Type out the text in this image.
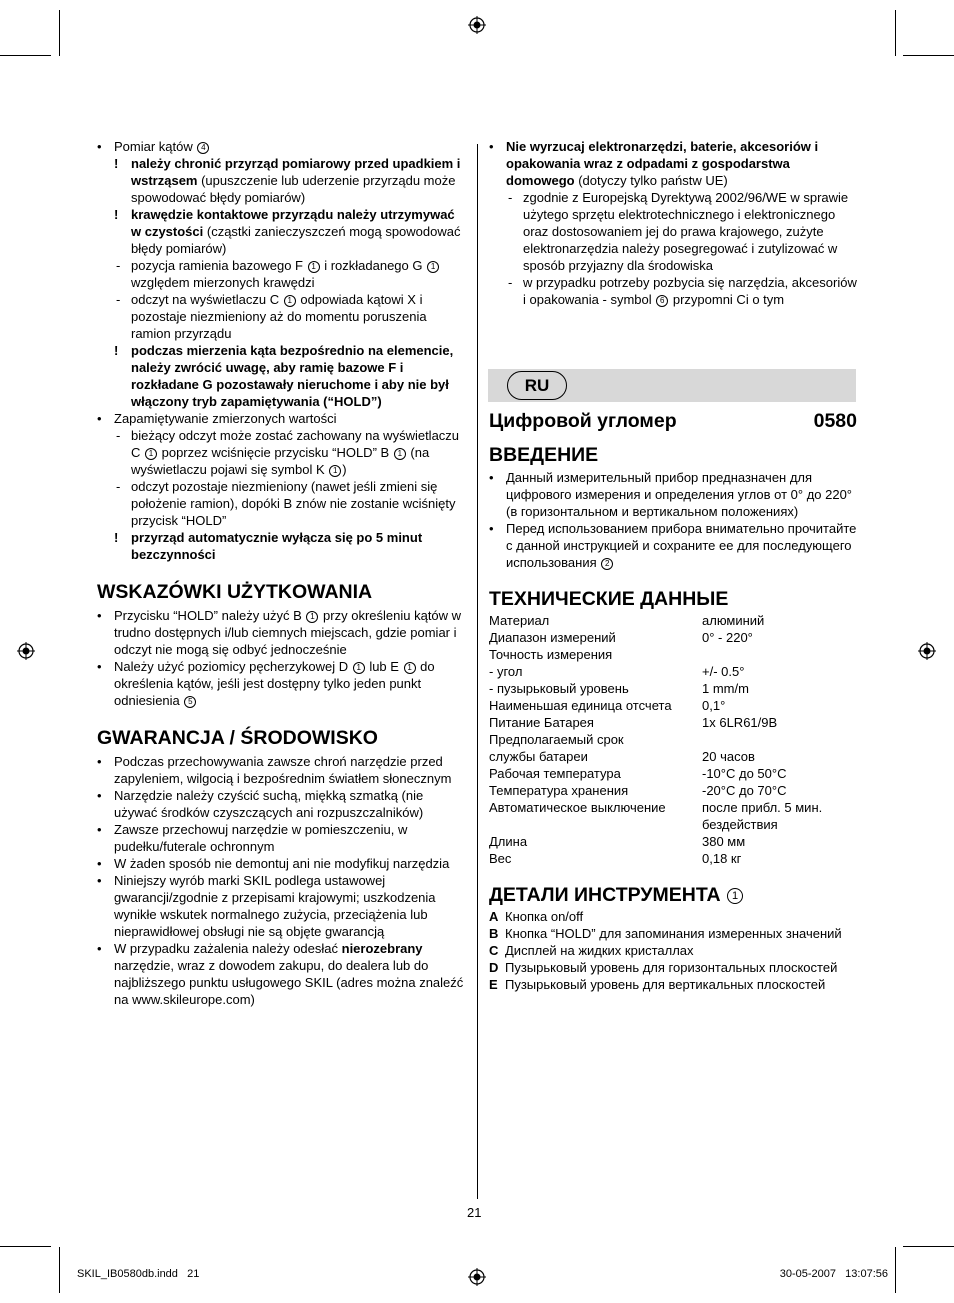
• Pomiar kątów 4
! należy chronić przyrząd pomiarowy przed upadkiem i wstrząsem (upuszczenie lub uderzenie przyrządu może spowodować błędy pomiarów)
! krawędzie kontaktowe przyrządu należy utrzymywać w czystości (cząstki zanieczyszczeń mogą spowodować błędy pomiarów)
- pozycja ramienia bazowego F 1 i rozkładanego G 1 względem mierzonych krawędzi
- odczyt na wyświetlaczu C 1 odpowiada kątowi X i pozostaje niezmieniony aż do momentu poruszenia ramion przyrządu
! podczas mierzenia kąta bezpośrednio na elemencie, należy zwrócić uwagę, aby ramię bazowe F i rozkładane G pozostawały nieruchome i aby nie był włączony tryb zapamiętywania (“HOLD”)
• Zapamiętywanie zmierzonych wartości
- bieżący odczyt może zostać zachowany na wyświetlaczu C 1 poprzez wciśnięcie przycisku “HOLD” B 1 (na wyświetlaczu pojawi się symbol K 1 )
- odczyt pozostaje niezmieniony (nawet jeśli zmieni się położenie ramion), dopóki B znów nie zostanie wciśnięty przycisk “HOLD”
! przyrząd automatycznie wyłącza się po 5 minut bezczynności
WSKAZÓWKI UŻYTKOWANIA
• Przycisku “HOLD” należy użyć B 1 przy określeniu kątów w trudno dostępnych i/lub ciemnych miejscach, gdzie pomiar i odczyt nie mogą się odbyć jednocześnie
• Należy użyć poziomicy pęcherzykowej D 1 lub E 1 do określenia kątów, jeśli jest dostępny tylko jeden punkt odniesienia 5
GWARANCJA / ŚRODOWISKO
• Podczas przechowywania zawsze chroń narzędzie przed zapyleniem, wilgocią i bezpośrednim światłem słonecznym
• Narzędzie należy czyścić suchą, miękką szmatką (nie używać środków czyszczących ani rozpuszczalników)
• Zawsze przechowuj narzędzie w pomieszczeniu, w pudełku/futerale ochronnym
• W żaden sposób nie demontuj ani nie modyfikuj narzędzia
• Niniejszy wyrób marki SKIL podlega ustawowej gwarancji/zgodnie z przepisami krajowymi; uszkodzenia wynikłe wskutek normalnego zużycia, przeciążenia lub nieprawidłowej obsługi nie są objęte gwarancją
• W przypadku zażalenia należy odesłać nierozebrany narzędzie, wraz z dowodem zakupu, do dealera lub do najbliższego punktu usługowego SKIL (adres można znaleźć na www.skileurope.com)
• Nie wyrzucaj elektronarzędzi, baterie, akcesoriów i opakowania wraz z odpadami z gospodarstwa domowego (dotyczy tylko państw UE)
- zgodnie z Europejską Dyrektywą 2002/96/WE w sprawie użytego sprzętu elektrotechnicznego i elektronicznego oraz dostosowaniem jej do prawa krajowego, zużyte elektronarzędzia należy posegregować i zutylizować w sposób przyjazny dla środowiska
- w przypadku potrzeby pozbycia się narzędzia, akcesoriów i opakowania - symbol 6 przypomni Ci o tym
RU
Цифровой угломер	0580
ВВЕДЕНИЕ
• Данный измерительный прибор предназначен для цифрового измерения и определения углов от 0° до 220° (в горизонтальном и вертикальном положениях)
• Перед использованием прибора внимательно прочитайте с данной инструкцией и сохраните ее для последующего использования 2
ТЕХНИЧЕСКИЕ ДАННЫЕ
Материал	алюминий
Диапазон измерений	0° - 220°
Точность измерения
- угол	+/- 0.5°
- пузырьковый уровень	1 mm/m
Наименьшая единица отсчета	0,1°
Питание Батарея	1x 6LR61/9B
Предполагаемый срок
службы батареи	20 часов
Рабочая температура	-10°C до 50°C
Температура хранения	-20°C до 70°C
Автоматическое выключение	после прибл. 5 мин. бездействия
Длина	380 мм
Вес	0,18 кг
ДЕТАЛИ ИНСТРУМЕНТА 1
A Кнопка on/off
B Кнопка “HOLD” для запоминания измеренных значений
C Дисплей на жидких кристаллах
D Пузырьковый уровень для горизонтальных плоскостей
E Пузырьковый уровень для вертикальных плоскостей
21
SKIL_IB0580db.indd   21	30-05-2007   13:07:56
